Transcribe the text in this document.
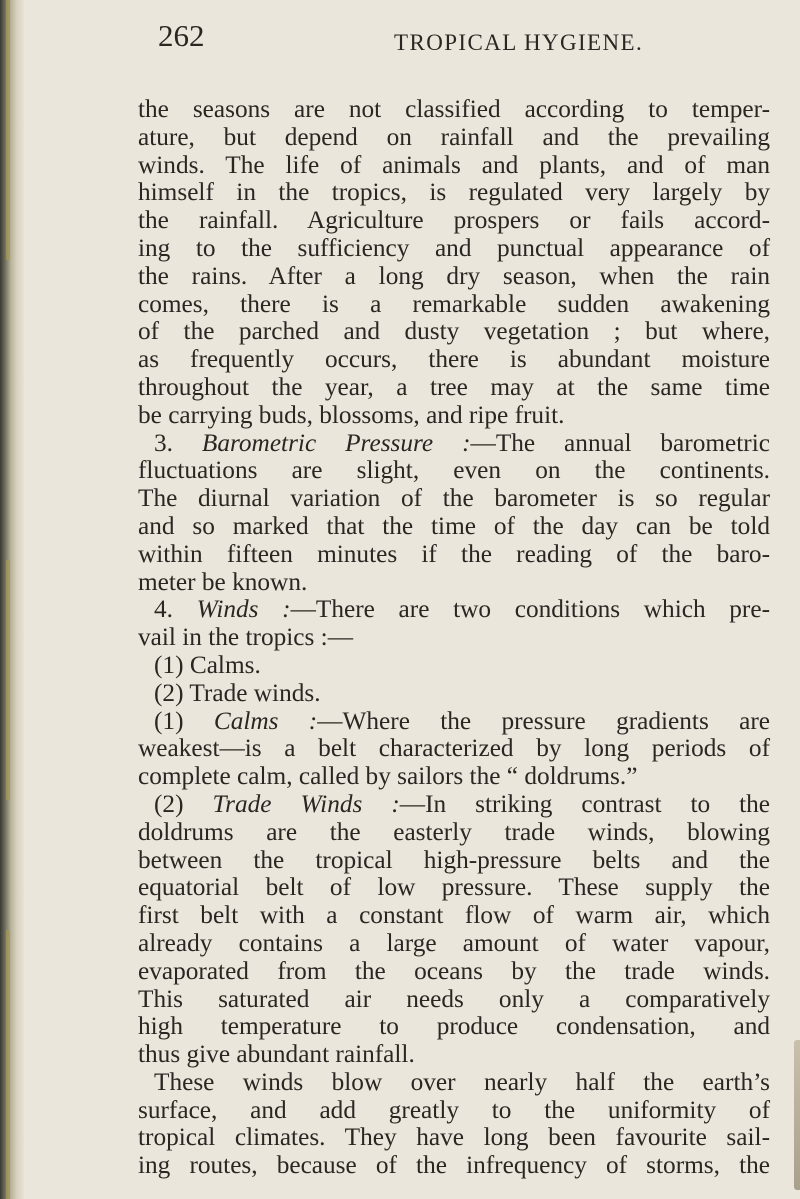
262	TROPICAL HYGIENE.
the seasons are not classified according to temper-
ature, but depend on rainfall and the prevailing
winds. The life of animals and plants, and of man
himself in the tropics, is regulated very largely by
the rainfall. Agriculture prospers or fails accord-
ing to the sufficiency and punctual appearance of
the rains. After a long dry season, when the rain
comes, there is a remarkable sudden awakening
of the parched and dusty vegetation ; but where,
as frequently occurs, there is abundant moisture
throughout the year, a tree may at the same time
be carrying buds, blossoms, and ripe fruit.
3. Barometric Pressure :—The annual barometric
fluctuations are slight, even on the continents.
The diurnal variation of the barometer is so regular
and so marked that the time of the day can be told
within fifteen minutes if the reading of the baro-
meter be known.
4. Winds :—There are two conditions which pre-
vail in the tropics :—
(1) Calms.
(2) Trade winds.
(1) Calms :—Where the pressure gradients are
weakest—is a belt characterized by long periods of
complete calm, called by sailors the “ doldrums.”
(2) Trade Winds :—In striking contrast to the
doldrums are the easterly trade winds, blowing
between the tropical high-pressure belts and the
equatorial belt of low pressure. These supply the
first belt with a constant flow of warm air, which
already contains a large amount of water vapour,
evaporated from the oceans by the trade winds.
This saturated air needs only a comparatively
high temperature to produce condensation, and
thus give abundant rainfall.
These winds blow over nearly half the earth’s
surface, and add greatly to the uniformity of
tropical climates. They have long been favourite sail-
ing routes, because of the infrequency of storms, the
